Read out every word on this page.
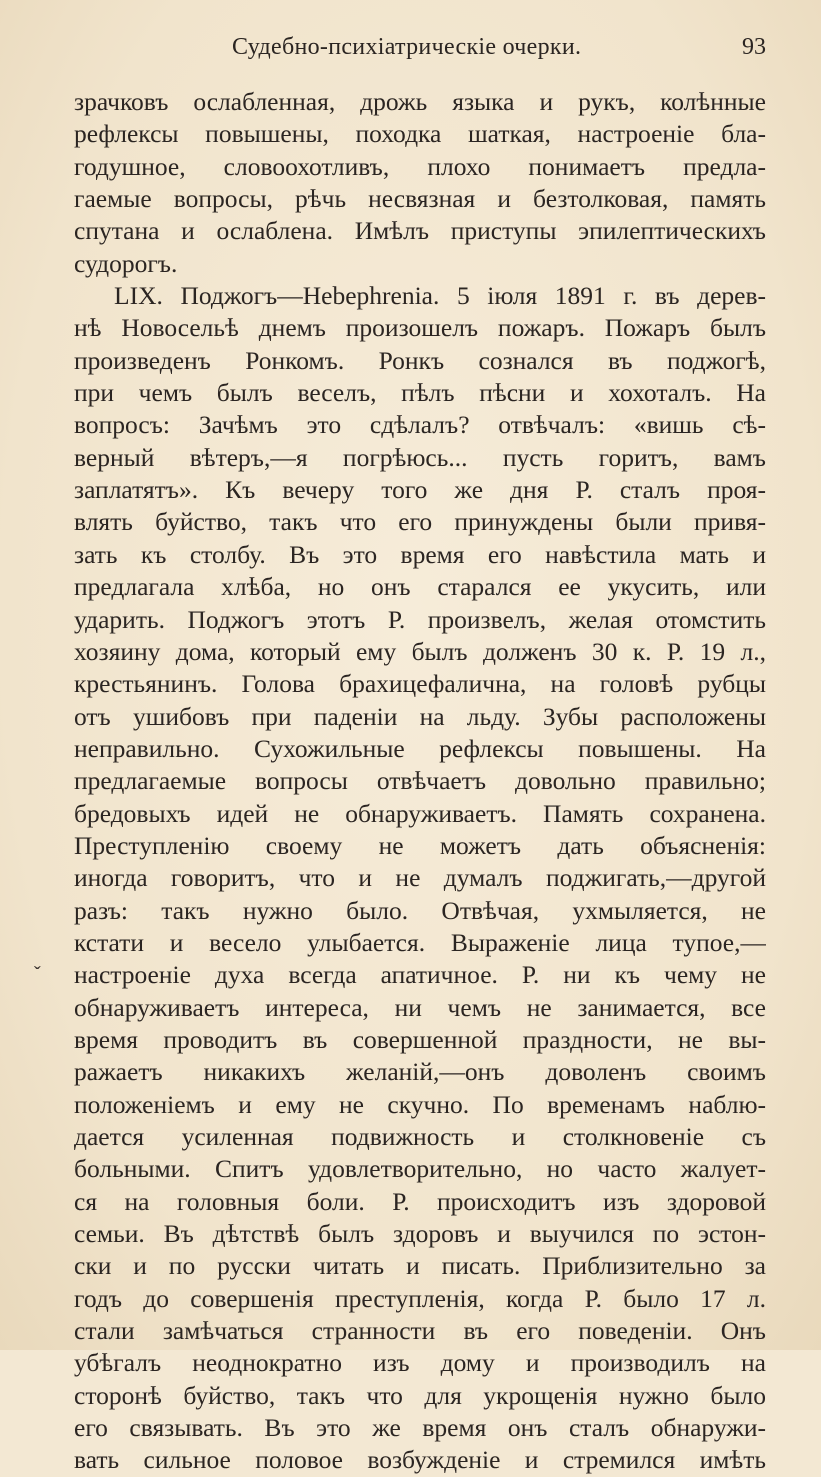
Судебно-психіатрическіе очерки.	93
ˇ
зрачковъ ослабленная, дрожь языка и рукъ, колѣнные
рефлексы повышены, походка шаткая, настроеніе бла-
годушное, словоохотливъ, плохо понимаетъ предла-
гаемые вопросы, рѣчь несвязная и безтолковая, память
спутана и ослаблена. Имѣлъ приступы эпилептическихъ
судорогъ.
LIX. Поджогъ—Hebephrenia. 5 іюля 1891 г. въ дерев-
нѣ Новосельѣ днемъ произошелъ пожаръ. Пожаръ былъ
произведенъ Ронкомъ. Ронкъ сознался въ поджогѣ,
при чемъ былъ веселъ, пѣлъ пѣсни и хохоталъ. На
вопросъ: Зачѣмъ это сдѣлалъ? отвѣчалъ: «вишь сѣ-
верный вѣтеръ,—я погрѣюсь... пусть горитъ, вамъ
заплатятъ». Къ вечеру того же дня Р. сталъ проя-
влять буйство, такъ что его принуждены были привя-
зать къ столбу. Въ это время его навѣстила мать и
предлагала хлѣба, но онъ старался ее укусить, или
ударить. Поджогъ этотъ Р. произвелъ, желая отомстить
хозяину дома, который ему былъ долженъ 30 к. Р. 19 л.,
крестьянинъ. Голова брахицефалична, на головѣ рубцы
отъ ушибовъ при паденіи на льду. Зубы расположены
неправильно. Сухожильные рефлексы повышены. На
предлагаемые вопросы отвѣчаетъ довольно правильно;
бредовыхъ идей не обнаруживаетъ. Память сохранена.
Преступленію своему не можетъ дать объясненія:
иногда говоритъ, что и не думалъ поджигать,—другой
разъ: такъ нужно было. Отвѣчая, ухмыляется, не
кстати и весело улыбается. Выраженіе лица тупое,—
настроеніе духа всегда апатичное. Р. ни къ чему не
обнаруживаетъ интереса, ни чемъ не занимается, все
время проводитъ въ совершенной праздности, не вы-
ражаетъ никакихъ желаній,—онъ доволенъ своимъ
положеніемъ и ему не скучно. По временамъ наблю-
дается усиленная подвижность и столкновеніе съ
больными. Спитъ удовлетворительно, но часто жалует-
ся на головныя боли. Р. происходитъ изъ здоровой
семьи. Въ дѣтствѣ былъ здоровъ и выучился по эстон-
ски и по русски читать и писать. Приблизительно за
годъ до совершенія преступленія, когда Р. было 17 л.
стали замѣчаться странности въ его поведеніи. Онъ
убѣгалъ неоднократно изъ дому и производилъ на
сторонѣ буйство, такъ что для укрощенія нужно было
его связывать. Въ это же время онъ сталъ обнаружи-
вать сильное половое возбужденіе и стремился имѣть
